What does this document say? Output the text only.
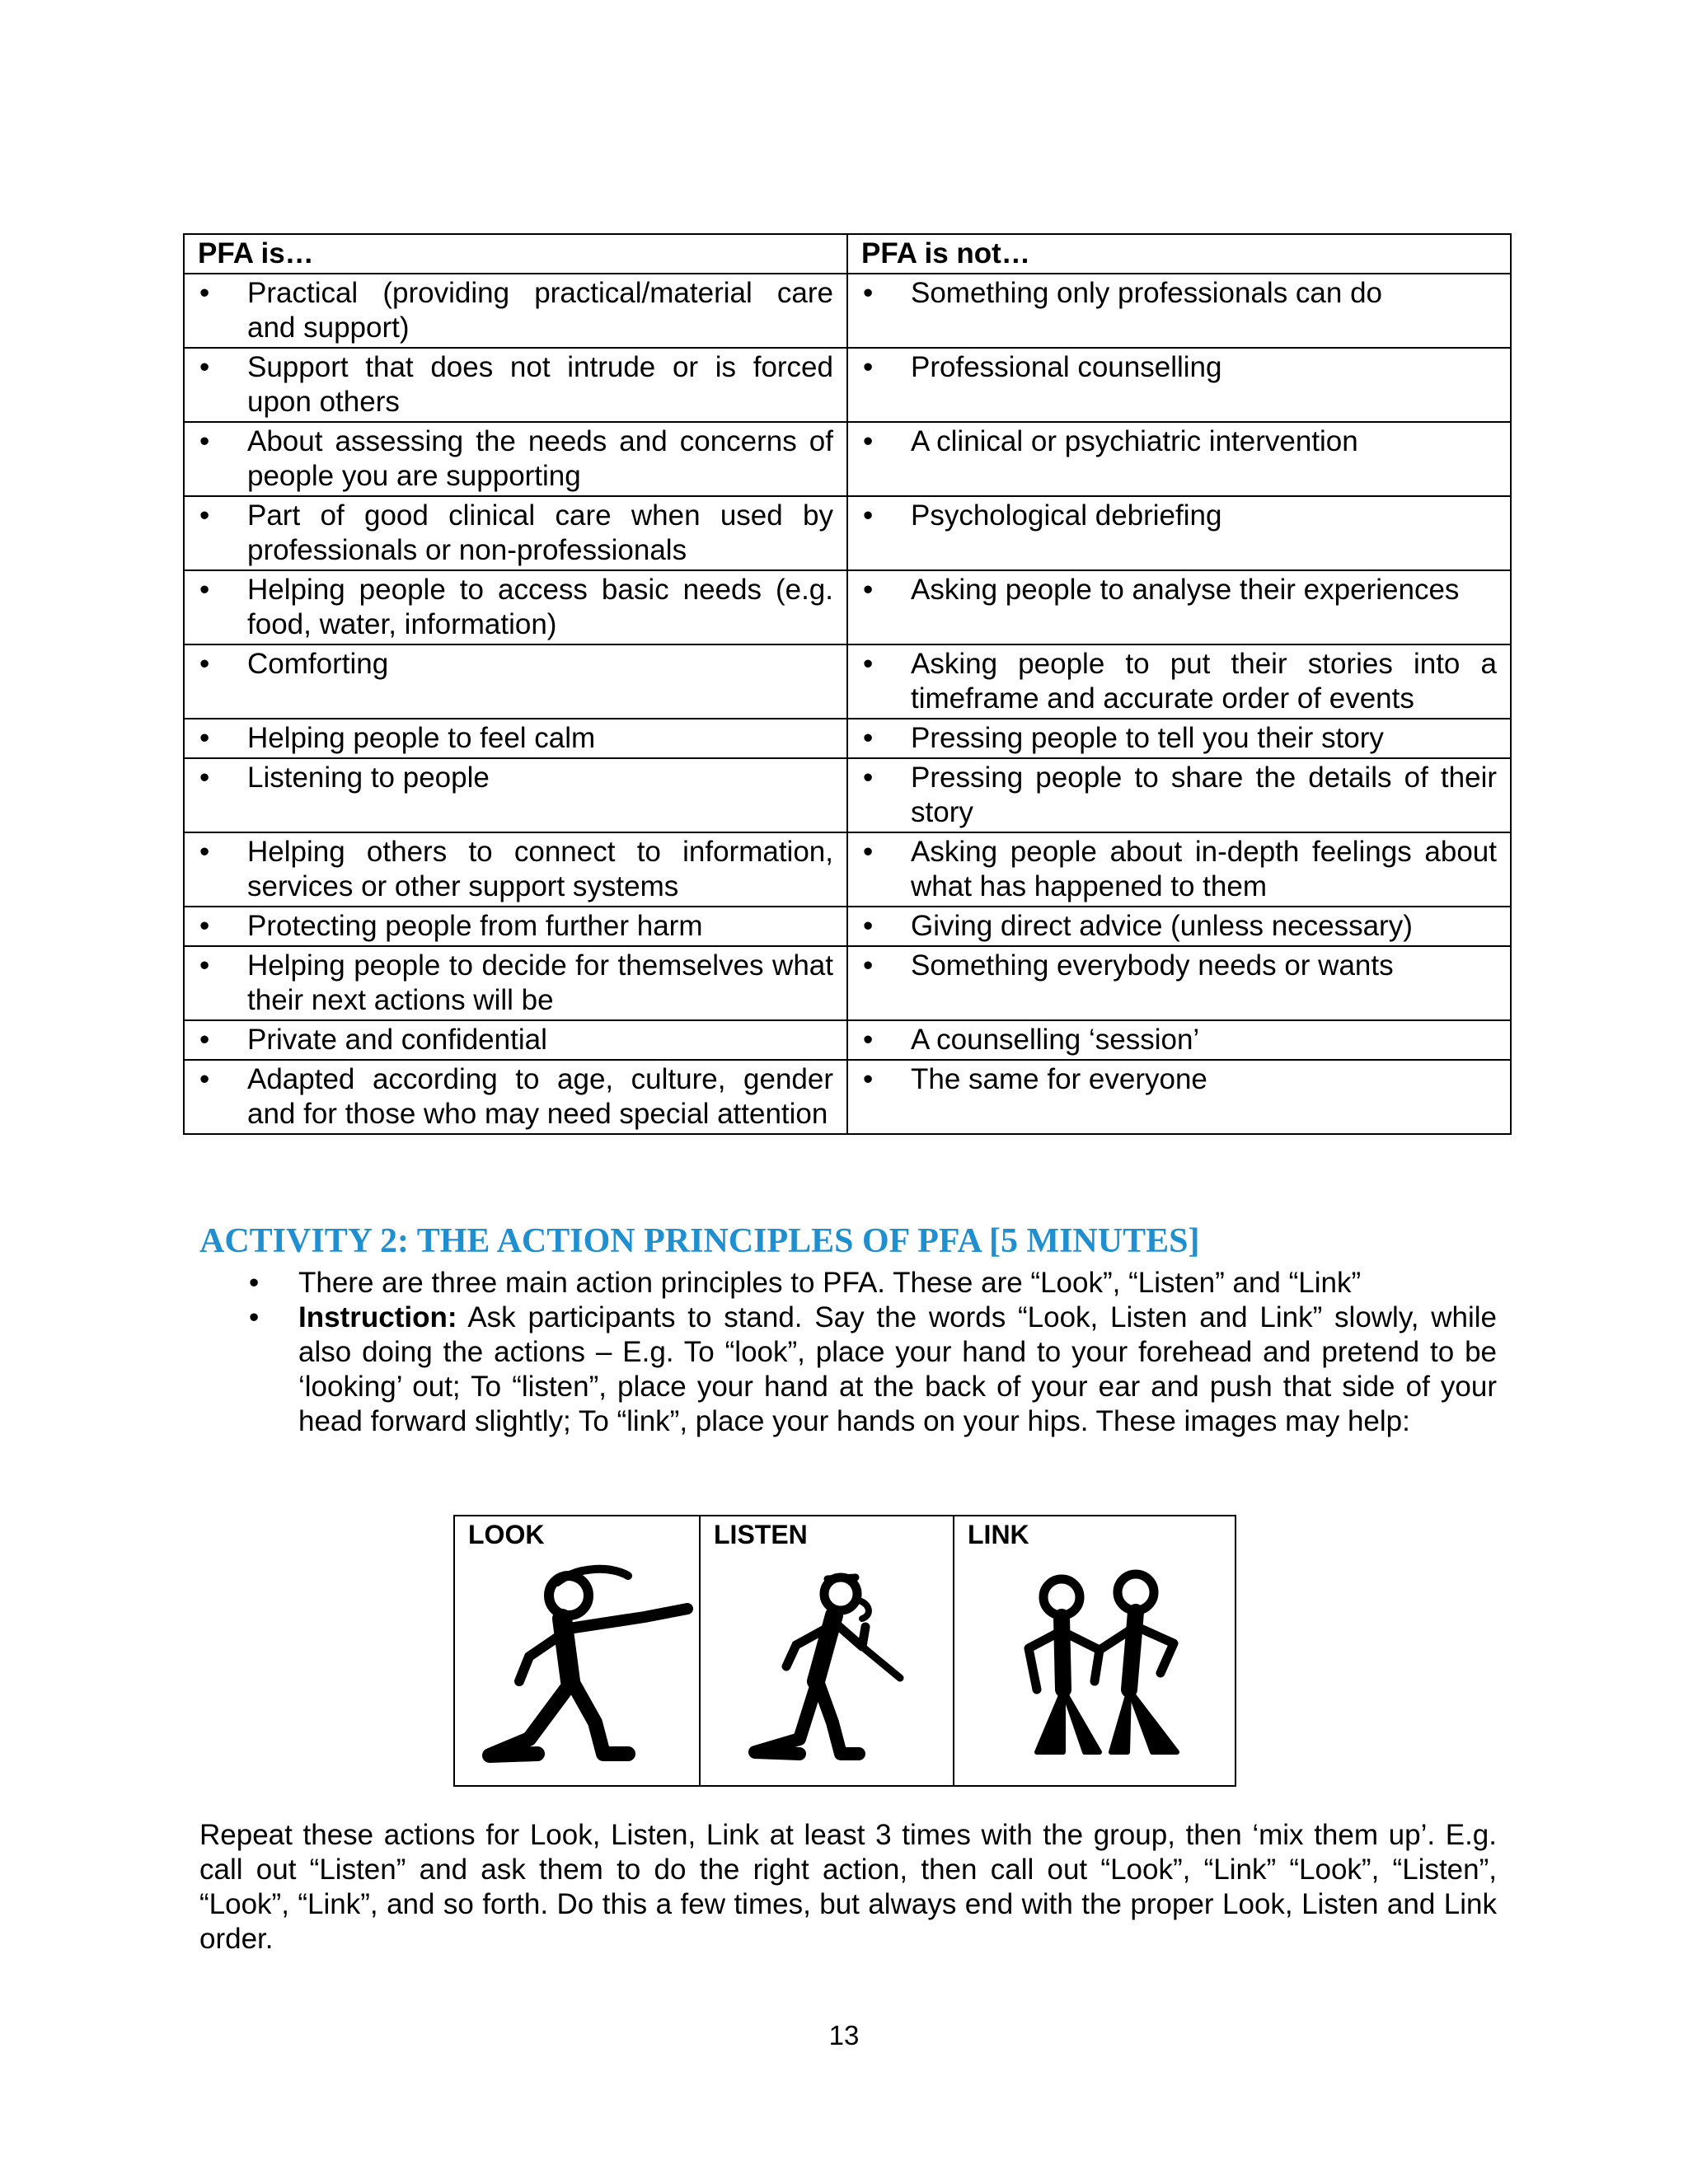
PFA is…	PFA is not…

• Practical (providing practical/material care and support)	• Something only professionals can do

• Support that does not intrude or is forced upon others	• Professional counselling

• About assessing the needs and concerns of people you are supporting	• A clinical or psychiatric intervention

• Part of good clinical care when used by professionals or non-professionals	• Psychological debriefing

• Helping people to access basic needs (e.g. food, water, information)	• Asking people to analyse their experiences

• Comforting	• Asking people to put their stories into a timeframe and accurate order of events

• Helping people to feel calm	• Pressing people to tell you their story

• Listening to people	• Pressing people to share the details of their story

• Helping others to connect to information, services or other support systems	• Asking people about in-depth feelings about what has happened to them

• Protecting people from further harm	• Giving direct advice (unless necessary)

• Helping people to decide for themselves what their next actions will be	• Something everybody needs or wants

• Private and confidential	• A counselling ‘session’

• Adapted according to age, culture, gender and for those who may need special attention	• The same for everyone
ACTIVITY 2: THE ACTION PRINCIPLES OF PFA [5 MINUTES]
• There are three main action principles to PFA. These are “Look”, “Listen” and “Link”
• Instruction: Ask participants to stand. Say the words “Look, Listen and Link” slowly, while also doing the actions – E.g. To “look”, place your hand to your forehead and pretend to be ‘looking’ out; To “listen”, place your hand at the back of your ear and push that side of your head forward slightly; To “link”, place your hands on your hips. These images may help:
LOOK	LISTEN	LINK
Repeat these actions for Look, Listen, Link at least 3 times with the group, then ‘mix them up’. E.g. call out “Listen” and ask them to do the right action, then call out “Look”, “Link” “Look”, “Listen”, “Look”, “Link”, and so forth. Do this a few times, but always end with the proper Look, Listen and Link order.
13
